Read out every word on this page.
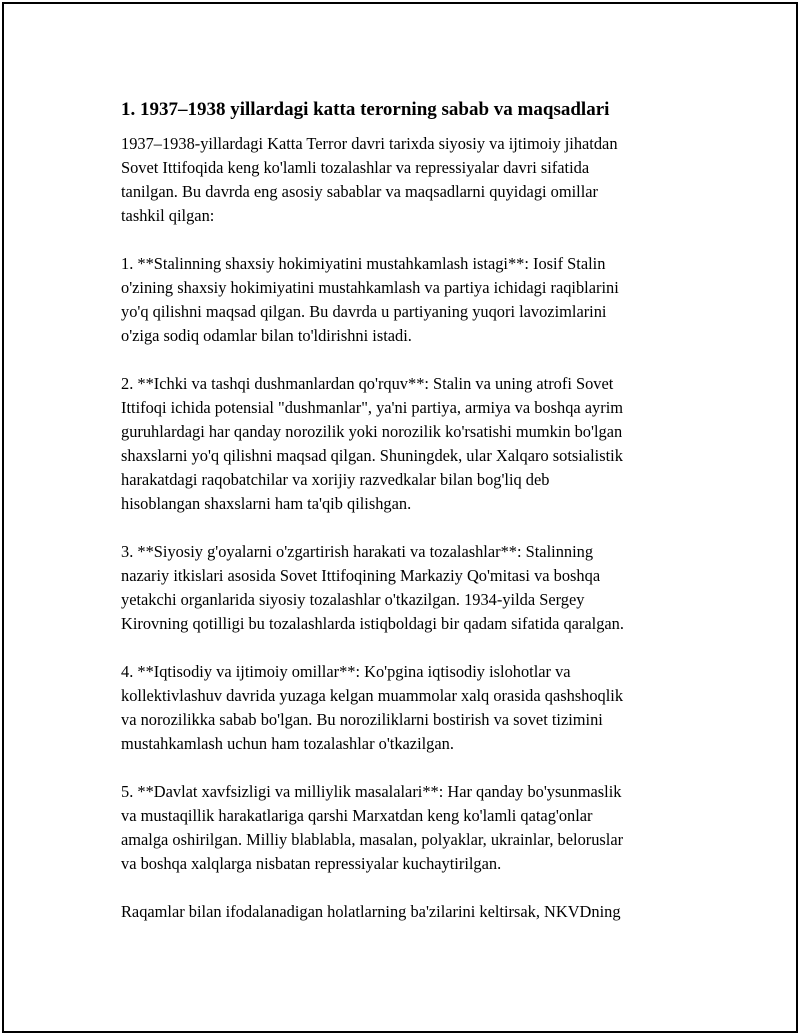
1. 1937–1938 yillardagi katta terorning sabab va maqsadlari

1937–1938-yillardagi Katta Terror davri tarixda siyosiy va ijtimoiy jihatdan
Sovet Ittifoqida keng ko'lamli tozalashlar va repressiyalar davri sifatida
tanilgan. Bu davrda eng asosiy sabablar va maqsadlarni quyidagi omillar
tashkil qilgan:

1. **Stalinning shaxsiy hokimiyatini mustahkamlash istagi**: Iosif Stalin
o'zining shaxsiy hokimiyatini mustahkamlash va partiya ichidagi raqiblarini
yo'q qilishni maqsad qilgan. Bu davrda u partiyaning yuqori lavozimlarini
o'ziga sodiq odamlar bilan to'ldirishni istadi.

2. **Ichki va tashqi dushmanlardan qo'rquv**: Stalin va uning atrofi Sovet
Ittifoqi ichida potensial "dushmanlar", ya'ni partiya, armiya va boshqa ayrim
guruhlardagi har qanday norozilik yoki norozilik ko'rsatishi mumkin bo'lgan
shaxslarni yo'q qilishni maqsad qilgan. Shuningdek, ular Xalqaro sotsialistik
harakatdagi raqobatchilar va xorijiy razvedkalar bilan bog'liq deb
hisoblangan shaxslarni ham ta'qib qilishgan.

3. **Siyosiy g'oyalarni o'zgartirish harakati va tozalashlar**: Stalinning
nazariy itkislari asosida Sovet Ittifoqining Markaziy Qo'mitasi va boshqa
yetakchi organlarida siyosiy tozalashlar o'tkazilgan. 1934-yilda Sergey
Kirovning qotilligi bu tozalashlarda istiqboldagi bir qadam sifatida qaralgan.

4. **Iqtisodiy va ijtimoiy omillar**: Ko'pgina iqtisodiy islohotlar va
kollektivlashuv davrida yuzaga kelgan muammolar xalq orasida qashshoqlik
va norozilikka sabab bo'lgan. Bu noroziliklarni bostirish va sovet tizimini
mustahkamlash uchun ham tozalashlar o'tkazilgan.

5. **Davlat xavfsizligi va milliylik masalalari**: Har qanday bo'ysunmaslik
va mustaqillik harakatlariga qarshi Marxatdan keng ko'lamli qatag'onlar
amalga oshirilgan. Milliy blablabla, masalan, polyaklar, ukrainlar, beloruslar
va boshqa xalqlarga nisbatan repressiyalar kuchaytirilgan.

Raqamlar bilan ifodalanadigan holatlarning ba'zilarini keltirsak, NKVDning
